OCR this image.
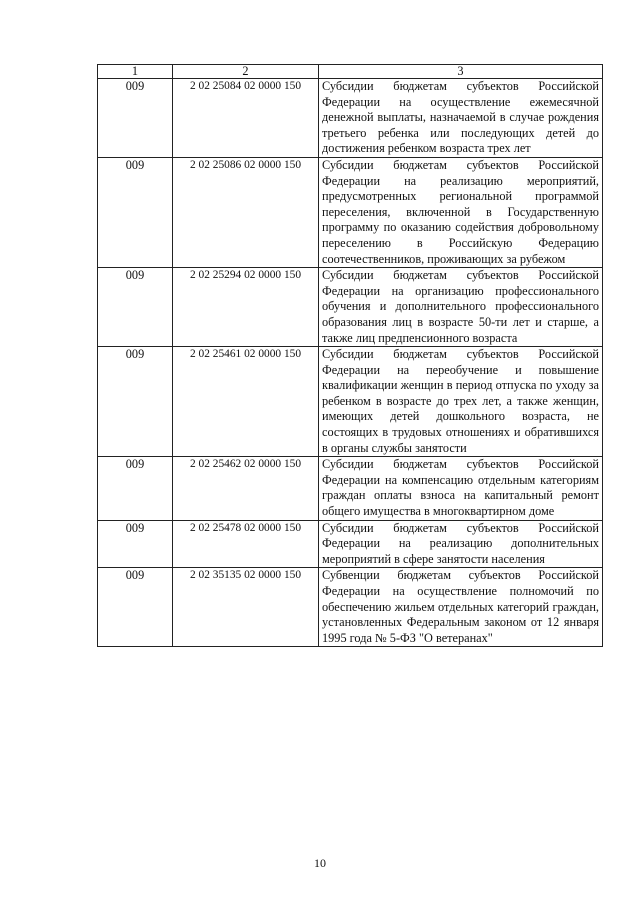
1	2	3
009	2 02 25084 02 0000 150	Субсидии бюджетам субъектов Российской Федерации на осуществление ежемесячной денежной выплаты, назначаемой в случае рождения третьего ребенка или последующих детей до достижения ребенком возраста трех лет
009	2 02 25086 02 0000 150	Субсидии бюджетам субъектов Российской Федерации на реализацию мероприятий, предусмотренных региональной программой переселения, включенной в Государственную программу по оказанию содействия добровольному переселению в Российскую Федерацию соотечественников, проживающих за рубежом
009	2 02 25294 02 0000 150	Субсидии бюджетам субъектов Российской Федерации на организацию профессионального обучения и дополнительного профессионального образования лиц в возрасте 50-ти лет и старше, а также лиц предпенсионного возраста
009	2 02 25461 02 0000 150	Субсидии бюджетам субъектов Российской Федерации на переобучение и повышение квалификации женщин в период отпуска по уходу за ребенком в возрасте до трех лет, а также женщин, имеющих детей дошкольного возраста, не состоящих в трудовых отношениях и обратившихся в органы службы занятости
009	2 02 25462 02 0000 150	Субсидии бюджетам субъектов Российской Федерации на компенсацию отдельным категориям граждан оплаты взноса на капитальный ремонт общего имущества в многоквартирном доме
009	2 02 25478 02 0000 150	Субсидии бюджетам субъектов Российской Федерации на реализацию дополнительных мероприятий в сфере занятости населения
009	2 02 35135 02 0000 150	Субвенции бюджетам субъектов Российской Федерации на осуществление полномочий по обеспечению жильем отдельных категорий граждан, установленных Федеральным законом от 12 января 1995 года № 5-ФЗ "О ветеранах"
10
